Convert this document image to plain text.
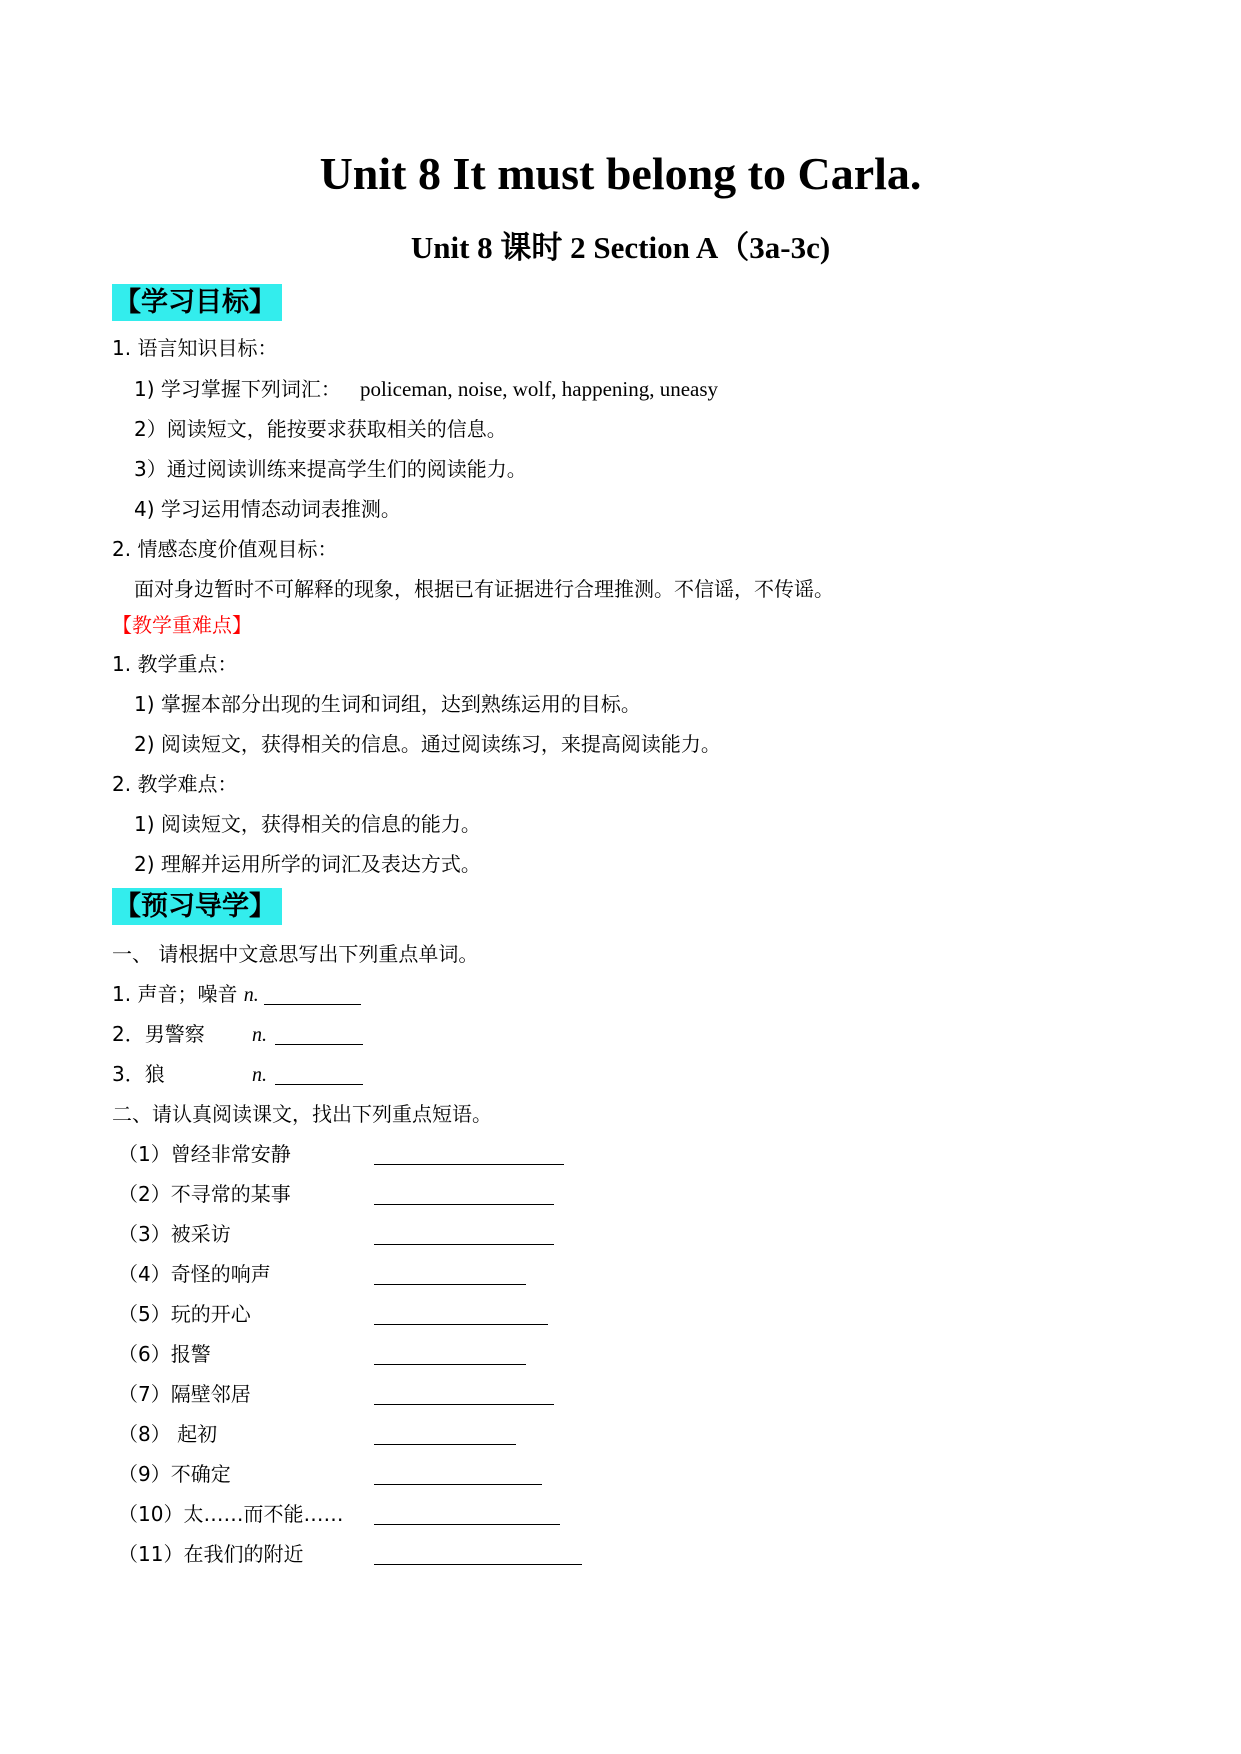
Unit 8 It must belong to Carla.
Unit 8 课时 2 Section A（3a-3c)
【学习目标】
1. 语言知识目标：
1) 学习掌握下列词汇： policeman, noise, wolf, happening, uneasy
2）阅读短文，能按要求获取相关的信息。
3）通过阅读训练来提高学生们的阅读能力。
4) 学习运用情态动词表推测。
2. 情感态度价值观目标：
面对身边暂时不可解释的现象，根据已有证据进行合理推测。不信谣，不传谣。
【教学重难点】
1. 教学重点：
1) 掌握本部分出现的生词和词组，达到熟练运用的目标。
2) 阅读短文，获得相关的信息。通过阅读练习，来提高阅读能力。
2. 教学难点：
1) 阅读短文，获得相关的信息的能力。
2) 理解并运用所学的词汇及表达方式。
【预习导学】
一、 请根据中文意思写出下列重点单词。
1. 声音；噪音 n.
2．男警察 n.
3．狼	n.
二、请认真阅读课文，找出下列重点短语。
（1）曾经非常安静
（2）不寻常的某事
（3）被采访
（4）奇怪的响声
（5）玩的开心
（6）报警
（7）隔壁邻居
（8） 起初
（9）不确定
（10）太……而不能……
（11）在我们的附近
